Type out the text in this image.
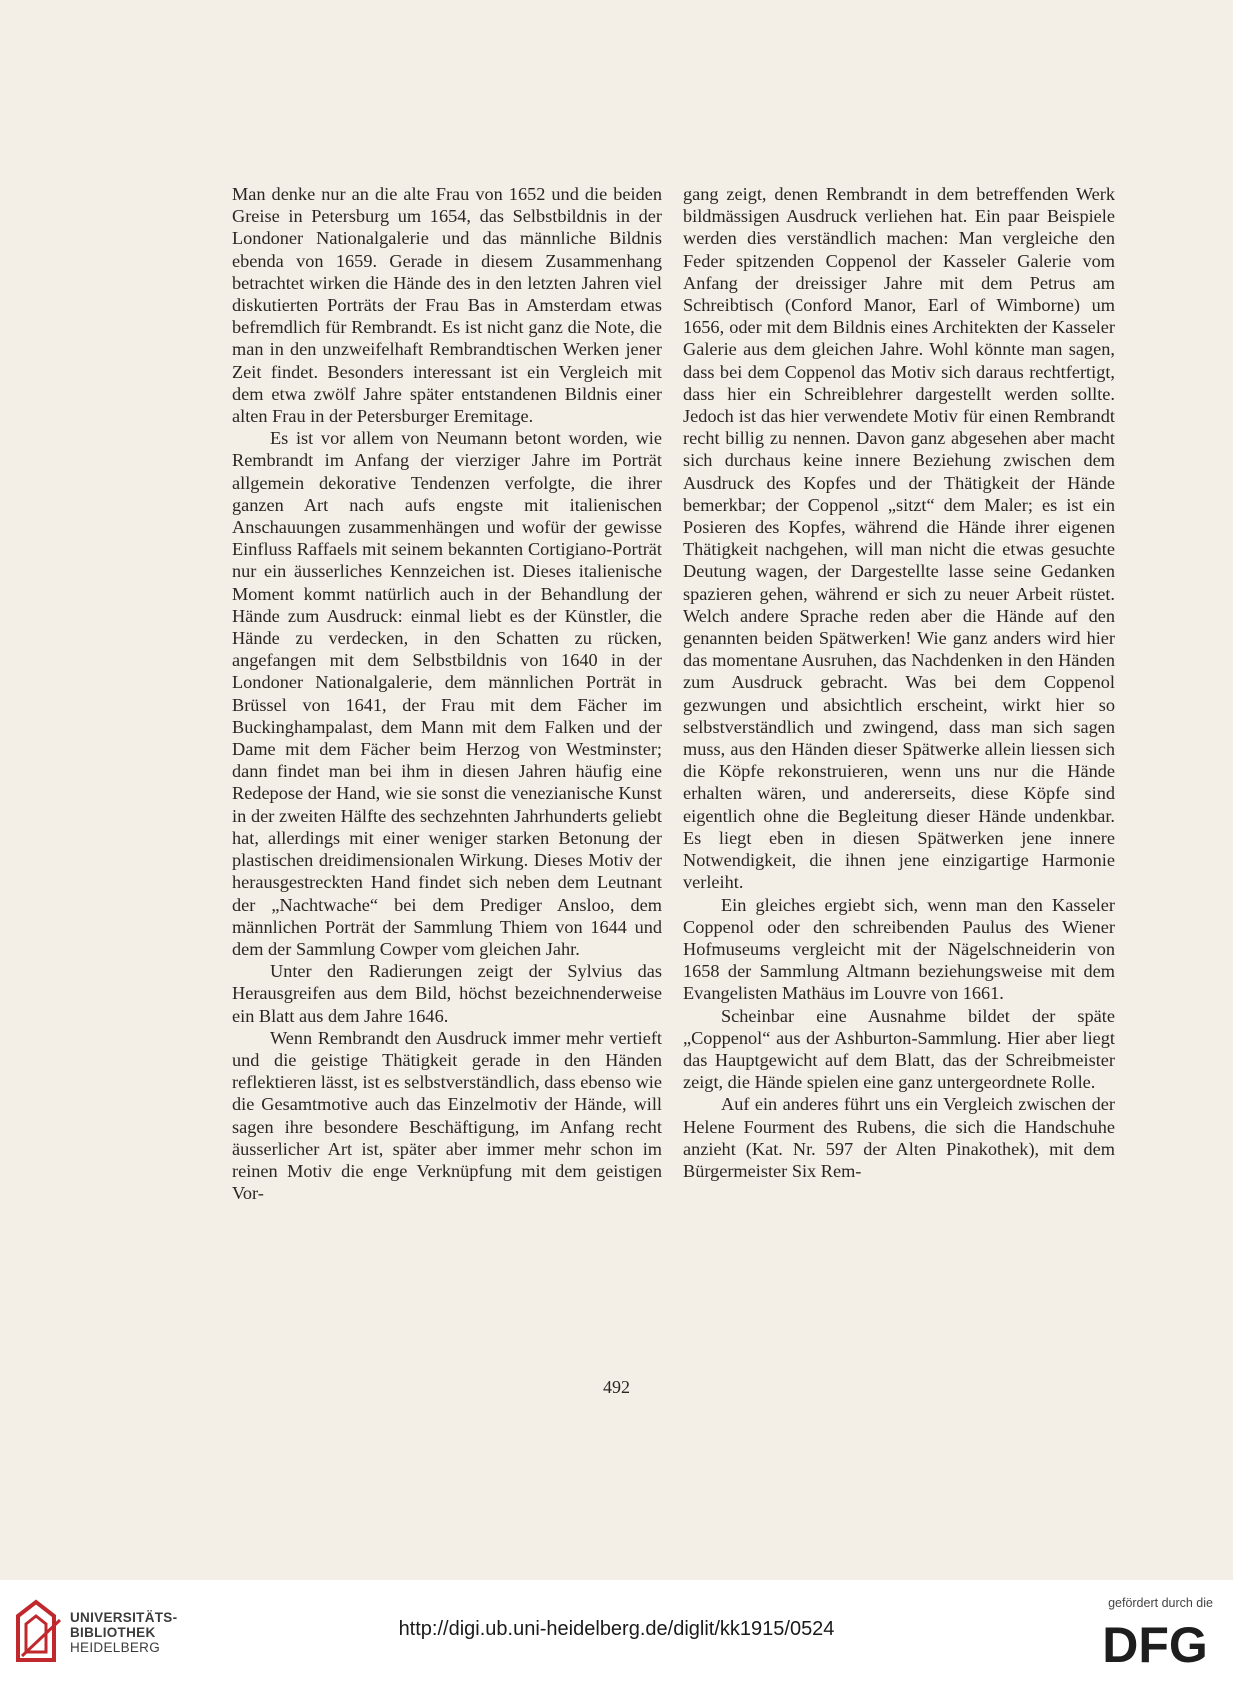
Man denke nur an die alte Frau von 1652 und die beiden Greise in Petersburg um 1654, das Selbstbildnis in der Londoner Nationalgalerie und das männliche Bildnis ebenda von 1659. Gerade in diesem Zusammenhang betrachtet wirken die Hände des in den letzten Jahren viel diskutierten Porträts der Frau Bas in Amsterdam etwas befremdlich für Rembrandt. Es ist nicht ganz die Note, die man in den unzweifelhaft Rembrandtischen Werken jener Zeit findet. Besonders interessant ist ein Vergleich mit dem etwa zwölf Jahre später entstandenen Bildnis einer alten Frau in der Petersburger Eremitage.

Es ist vor allem von Neumann betont worden, wie Rembrandt im Anfang der vierziger Jahre im Porträt allgemein dekorative Tendenzen verfolgte, die ihrer ganzen Art nach aufs engste mit italienischen Anschauungen zusammenhängen und wofür der gewisse Einfluss Raffaels mit seinem bekannten Cortigiano-Porträt nur ein äusserliches Kennzeichen ist. Dieses italienische Moment kommt natürlich auch in der Behandlung der Hände zum Ausdruck: einmal liebt es der Künstler, die Hände zu verdecken, in den Schatten zu rücken, angefangen mit dem Selbstbildnis von 1640 in der Londoner Nationalgalerie, dem männlichen Porträt in Brüssel von 1641, der Frau mit dem Fächer im Buckinghampalast, dem Mann mit dem Falken und der Dame mit dem Fächer beim Herzog von Westminster; dann findet man bei ihm in diesen Jahren häufig eine Redepose der Hand, wie sie sonst die venezianische Kunst in der zweiten Hälfte des sechzehnten Jahrhunderts geliebt hat, allerdings mit einer weniger starken Betonung der plastischen dreidimensionalen Wirkung. Dieses Motiv der herausgestreckten Hand findet sich neben dem Leutnant der „Nachtwache“ bei dem Prediger Ansloo, dem männlichen Porträt der Sammlung Thiem von 1644 und dem der Sammlung Cowper vom gleichen Jahr.

Unter den Radierungen zeigt der Sylvius das Herausgreifen aus dem Bild, höchst bezeichnenderweise ein Blatt aus dem Jahre 1646.

Wenn Rembrandt den Ausdruck immer mehr vertieft und die geistige Thätigkeit gerade in den Händen reflektieren lässt, ist es selbstverständlich, dass ebenso wie die Gesamtmotive auch das Einzelmotiv der Hände, will sagen ihre besondere Beschäftigung, im Anfang recht äusserlicher Art ist, später aber immer mehr schon im reinen Motiv die enge Verknüpfung mit dem geistigen Vor-

gang zeigt, denen Rembrandt in dem betreffenden Werk bildmässigen Ausdruck verliehen hat. Ein paar Beispiele werden dies verständlich machen: Man vergleiche den Feder spitzenden Coppenol der Kasseler Galerie vom Anfang der dreissiger Jahre mit dem Petrus am Schreibtisch (Conford Manor, Earl of Wimborne) um 1656, oder mit dem Bildnis eines Architekten der Kasseler Galerie aus dem gleichen Jahre. Wohl könnte man sagen, dass bei dem Coppenol das Motiv sich daraus rechtfertigt, dass hier ein Schreiblehrer dargestellt werden sollte. Jedoch ist das hier verwendete Motiv für einen Rembrandt recht billig zu nennen. Davon ganz abgesehen aber macht sich durchaus keine innere Beziehung zwischen dem Ausdruck des Kopfes und der Thätigkeit der Hände bemerkbar; der Coppenol „sitzt“ dem Maler; es ist ein Posieren des Kopfes, während die Hände ihrer eigenen Thätigkeit nachgehen, will man nicht die etwas gesuchte Deutung wagen, der Dargestellte lasse seine Gedanken spazieren gehen, während er sich zu neuer Arbeit rüstet. Welch andere Sprache reden aber die Hände auf den genannten beiden Spätwerken! Wie ganz anders wird hier das momentane Ausruhen, das Nachdenken in den Händen zum Ausdruck gebracht. Was bei dem Coppenol gezwungen und absichtlich erscheint, wirkt hier so selbstverständlich und zwingend, dass man sich sagen muss, aus den Händen dieser Spätwerke allein liessen sich die Köpfe rekonstruieren, wenn uns nur die Hände erhalten wären, und andererseits, diese Köpfe sind eigentlich ohne die Begleitung dieser Hände undenkbar. Es liegt eben in diesen Spätwerken jene innere Notwendigkeit, die ihnen jene einzigartige Harmonie verleiht.

Ein gleiches ergiebt sich, wenn man den Kasseler Coppenol oder den schreibenden Paulus des Wiener Hofmuseums vergleicht mit der Nägelschneiderin von 1658 der Sammlung Altmann beziehungsweise mit dem Evangelisten Mathäus im Louvre von 1661.

Scheinbar eine Ausnahme bildet der späte „Coppenol“ aus der Ashburton-Sammlung. Hier aber liegt das Hauptgewicht auf dem Blatt, das der Schreibmeister zeigt, die Hände spielen eine ganz untergeordnete Rolle.

Auf ein anderes führt uns ein Vergleich zwischen der Helene Fourment des Rubens, die sich die Handschuhe anzieht (Kat. Nr. 597 der Alten Pinakothek), mit dem Bürgermeister Six Rem-

492
UNIVERSITÄTS-
BIBLIOTHEK
HEIDELBERG
http://digi.ub.uni-heidelberg.de/diglit/kk1915/0524
gefördert durch die
DFG
